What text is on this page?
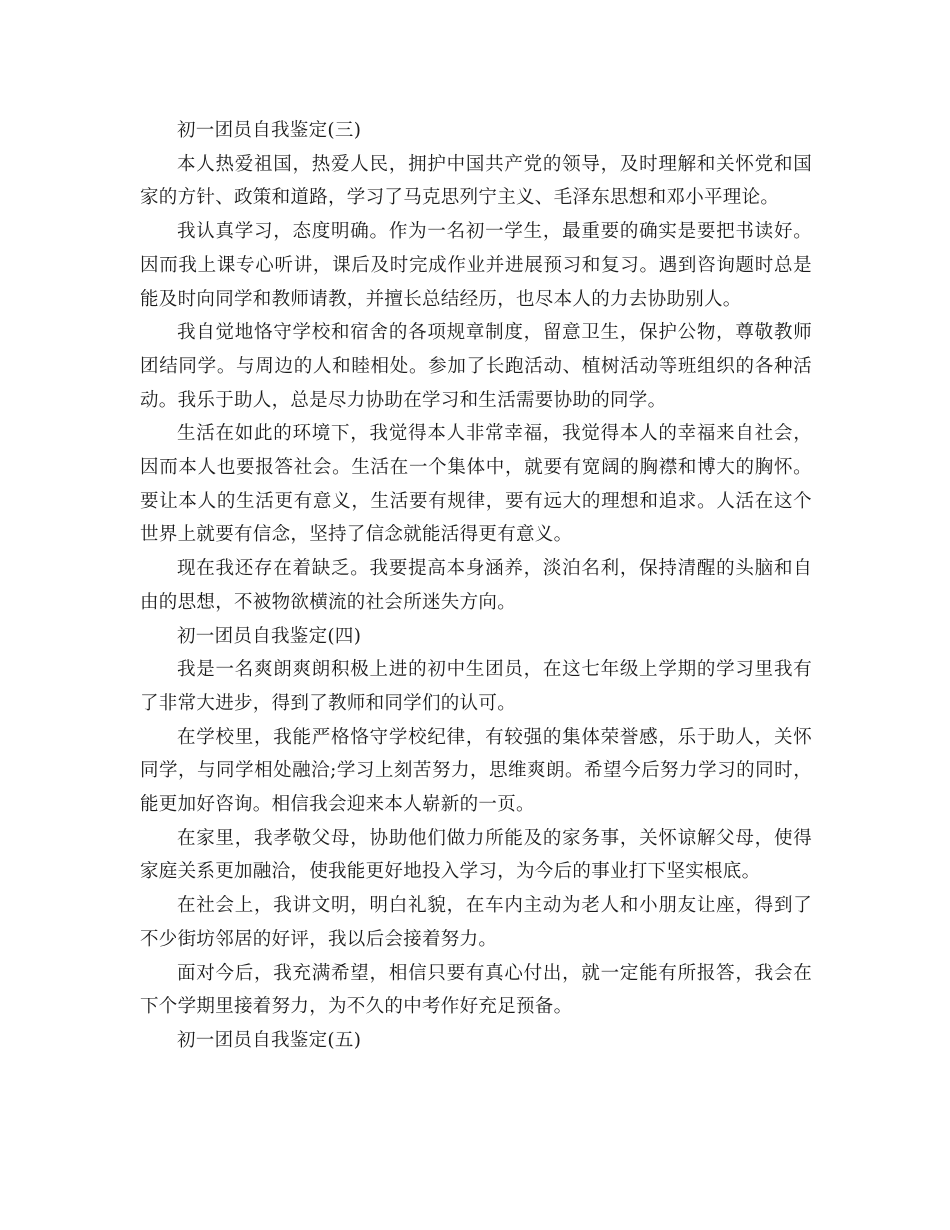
初一团员自我鉴定(三)

本人热爱祖国，热爱人民，拥护中国共产党的领导，及时理解和关怀党和国家的方针、政策和道路，学习了马克思列宁主义、毛泽东思想和邓小平理论。

我认真学习，态度明确。作为一名初一学生，最重要的确实是要把书读好。因而我上课专心听讲，课后及时完成作业并进展预习和复习。遇到咨询题时总是能及时向同学和教师请教，并擅长总结经历，也尽本人的力去协助别人。

我自觉地恪守学校和宿舍的各项规章制度，留意卫生，保护公物，尊敬教师团结同学。与周边的人和睦相处。参加了长跑活动、植树活动等班组织的各种活动。我乐于助人，总是尽力协助在学习和生活需要协助的同学。

生活在如此的环境下，我觉得本人非常幸福，我觉得本人的幸福来自社会，因而本人也要报答社会。生活在一个集体中，就要有宽阔的胸襟和博大的胸怀。要让本人的生活更有意义，生活要有规律，要有远大的理想和追求。人活在这个世界上就要有信念，坚持了信念就能活得更有意义。

现在我还存在着缺乏。我要提高本身涵养，淡泊名利，保持清醒的头脑和自由的思想，不被物欲横流的社会所迷失方向。

初一团员自我鉴定(四)

我是一名爽朗爽朗积极上进的初中生团员，在这七年级上学期的学习里我有了非常大进步，得到了教师和同学们的认可。

在学校里，我能严格恪守学校纪律，有较强的集体荣誉感，乐于助人，关怀同学，与同学相处融洽;学习上刻苦努力，思维爽朗。希望今后努力学习的同时，能更加好咨询。相信我会迎来本人崭新的一页。

在家里，我孝敬父母，协助他们做力所能及的家务事，关怀谅解父母，使得家庭关系更加融洽，使我能更好地投入学习，为今后的事业打下坚实根底。

在社会上，我讲文明，明白礼貌，在车内主动为老人和小朋友让座，得到了不少街坊邻居的好评，我以后会接着努力。

面对今后，我充满希望，相信只要有真心付出，就一定能有所报答，我会在下个学期里接着努力，为不久的中考作好充足预备。

初一团员自我鉴定(五)
